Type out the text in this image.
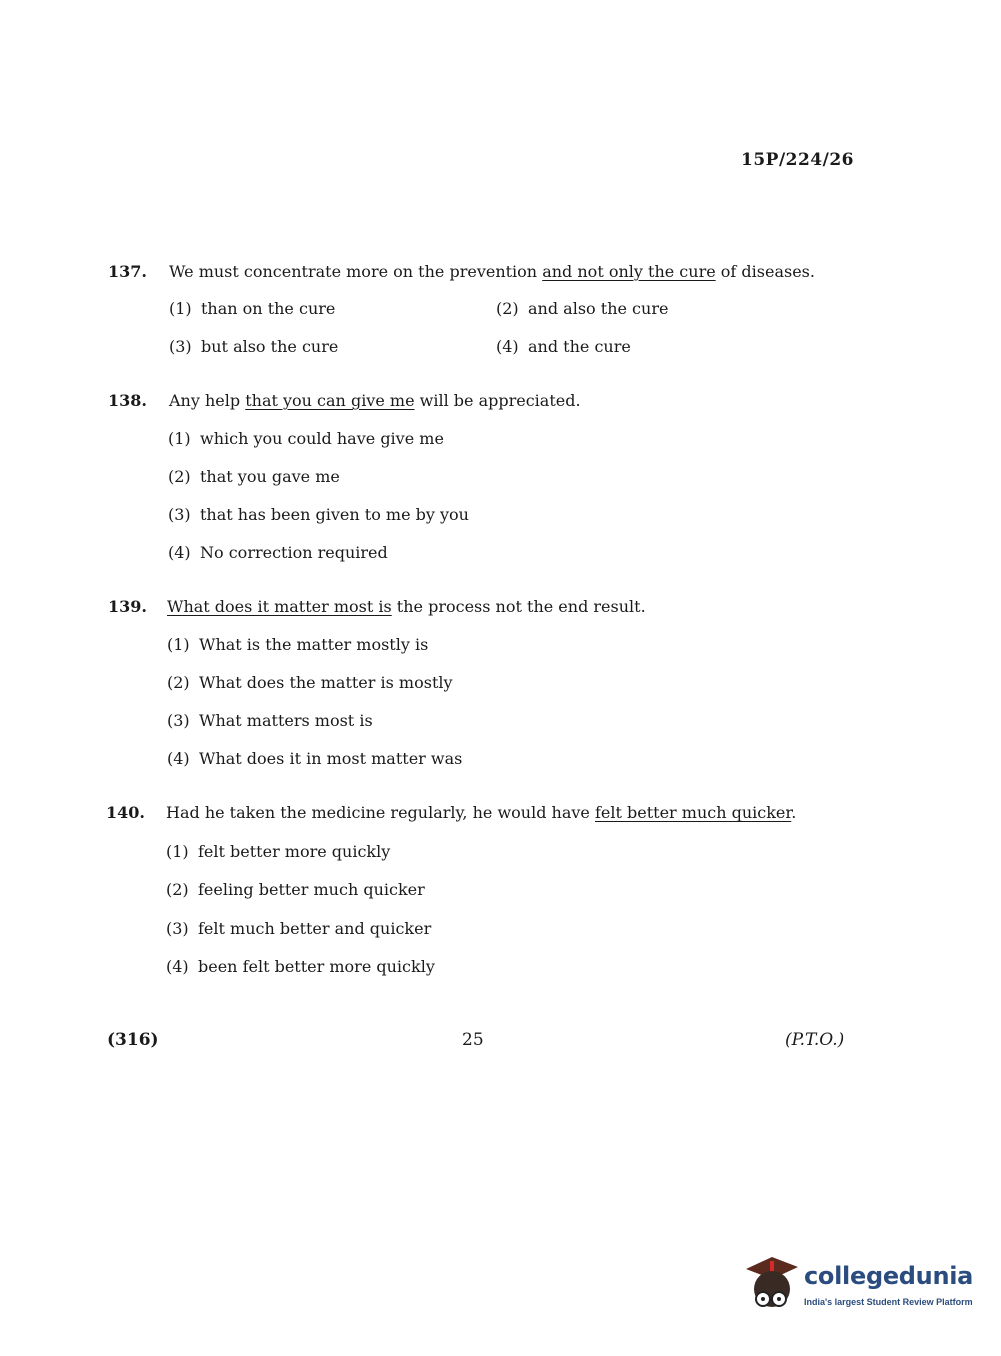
15P/224/26
137. We must concentrate more on the prevention and not only the cure of diseases.
(1) than on the cure	(2) and also the cure
(3) but also the cure	(4) and the cure
138. Any help that you can give me will be appreciated.
(1) which you could have give me
(2) that you gave me
(3) that has been given to me by you
(4) No correction required
139. What does it matter most is the process not the end result.
(1) What is the matter mostly is
(2) What does the matter is mostly
(3) What matters most is
(4) What does it in most matter was
140. Had he taken the medicine regularly, he would have felt better much quicker.
(1) felt better more quickly
(2) feeling better much quicker
(3) felt much better and quicker
(4) been felt better more quickly
(316)	25	(P.T.O.)
collegedunia
India's largest Student Review Platform
